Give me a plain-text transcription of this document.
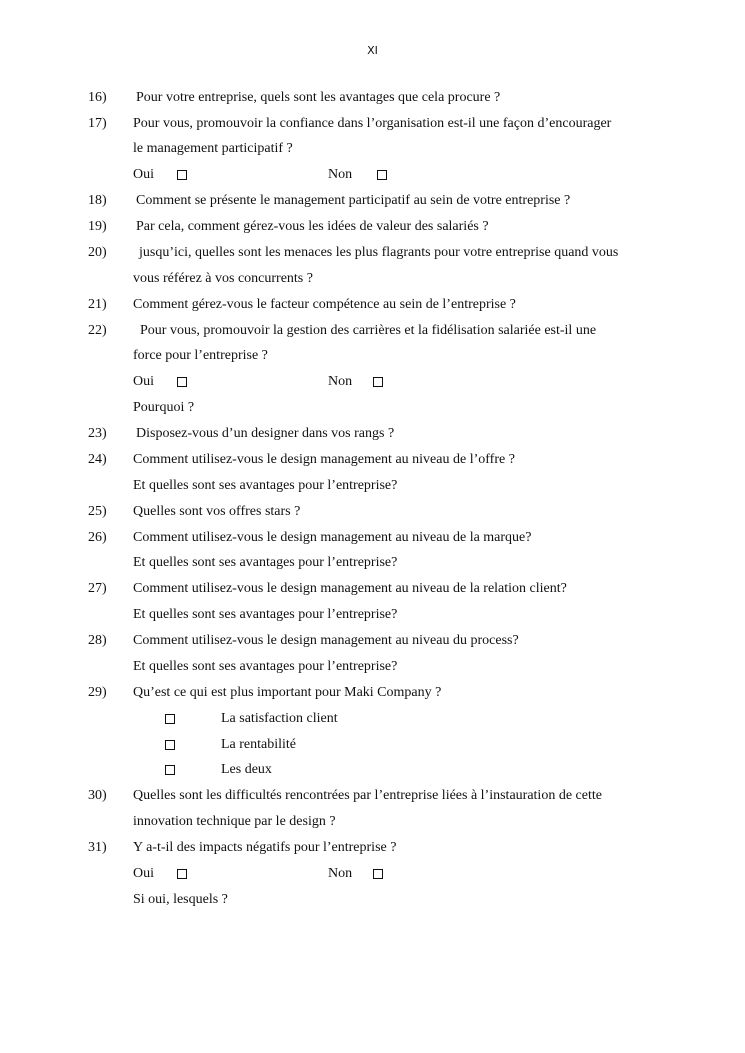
XI
16) Pour votre entreprise, quels sont les avantages que cela procure ?
17) Pour vous, promouvoir la confiance dans l’organisation est-il une façon d’encourager
le management participatif ?
Oui	Non
18) Comment se présente le management participatif au sein de votre entreprise ?
19) Par cela, comment gérez-vous les idées de valeur des salariés ?
20) jusqu’ici, quelles sont les menaces les plus flagrants pour votre entreprise quand vous
vous référez à vos concurrents ?
21) Comment gérez-vous le facteur compétence au sein de l’entreprise ?
22) Pour vous, promouvoir la gestion des carrières et la fidélisation salariée est-il une
force pour l’entreprise ?
Oui	Non
Pourquoi ?
23) Disposez-vous d’un designer dans vos rangs ?
24) Comment utilisez-vous le design management au niveau de l’offre ?
Et quelles sont ses avantages pour l’entreprise?
25) Quelles sont vos offres stars ?
26) Comment utilisez-vous le design management au niveau de la marque?
Et quelles sont ses avantages pour l’entreprise?
27) Comment utilisez-vous le design management au niveau de la relation client?
Et quelles sont ses avantages pour l’entreprise?
28) Comment utilisez-vous le design management au niveau du process?
Et quelles sont ses avantages pour l’entreprise?
29) Qu’est ce qui est plus important pour Maki Company ?
La satisfaction client
La rentabilité
Les deux
30) Quelles sont les difficultés rencontrées par l’entreprise liées à l’instauration de cette
innovation technique par le design ?
31) Y a-t-il des impacts négatifs pour l’entreprise ?
Oui	Non
Si oui, lesquels ?
